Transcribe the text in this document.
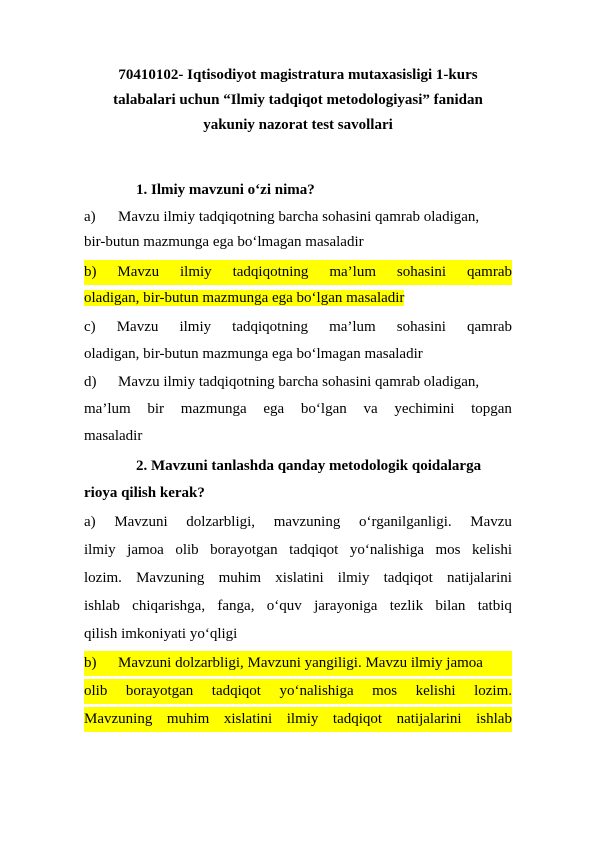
70410102- Iqtisodiyot magistratura mutaxasisligi 1-kurs
talabalari uchun “Ilmiy tadqiqot metodologiyasi” fanidan
yakuniy nazorat test savollari
1. Ilmiy mavzuni o‘zi nima?
a) Mavzu ilmiy tadqiqotning barcha sohasini qamrab oladigan,
bir-butun mazmunga ega bo‘lmagan masaladir
b) Mavzu ilmiy tadqiqotning ma’lum sohasini qamrab
oladigan, bir-butun mazmunga ega bo‘lgan masaladir
c) Mavzu ilmiy tadqiqotning ma’lum sohasini qamrab
oladigan, bir-butun mazmunga ega bo‘lmagan masaladir
d) Mavzu ilmiy tadqiqotning barcha sohasini qamrab oladigan,
ma’lum bir mazmunga ega bo‘lgan va yechimini topgan
masaladir
2. Mavzuni tanlashda qanday metodologik qoidalarga
rioya qilish kerak?
a) Mavzuni dolzarbligi, mavzuning o‘rganilganligi. Mavzu
ilmiy jamoa olib borayotgan tadqiqot yo‘nalishiga mos kelishi
lozim. Mavzuning muhim xislatini ilmiy tadqiqot natijalarini
ishlab chiqarishga, fanga, o‘quv jarayoniga tezlik bilan tatbiq
qilish imkoniyati yo‘qligi
b)	Mavzuni dolzarbligi, Mavzuni yangiligi. Mavzu ilmiy jamoa
olib borayotgan tadqiqot yo‘nalishiga mos kelishi lozim.
Mavzuning muhim xislatini ilmiy tadqiqot natijalarini ishlab
